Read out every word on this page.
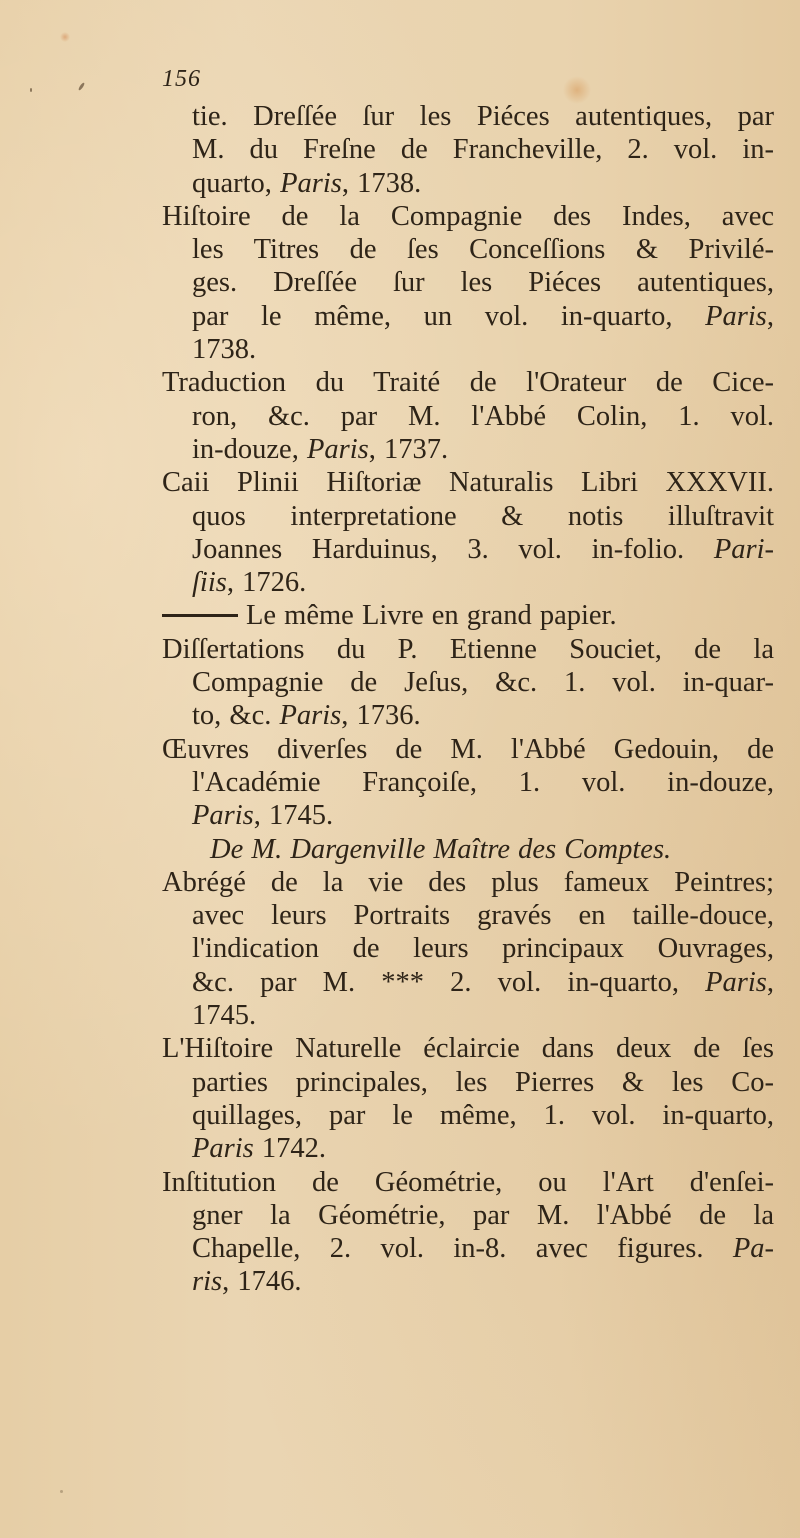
156
tie. Dreſſée ſur les Piéces autentiques, par
M. du Freſne de Francheville, 2. vol. in-
quarto, Paris, 1738.
Hiſtoire de la Compagnie des Indes, avec
les Titres de ſes Conceſſions & Privilé-
ges. Dreſſée ſur les Piéces autentiques,
par le même, un vol. in-quarto, Paris,
1738.
Traduction du Traité de l'Orateur de Cice-
ron, &c. par M. l'Abbé Colin, 1. vol.
in-douze, Paris, 1737.
Caii Plinii Hiſtoriæ Naturalis Libri XXXVII.
quos interpretatione & notis illuſtravit
Joannes Harduinus, 3. vol. in-folio. Pari-
ſiis, 1726.
Le même Livre en grand papier.
Diſſertations du P. Etienne Souciet, de la
Compagnie de Jeſus, &c. 1. vol. in-quar-
to, &c. Paris, 1736.
Œuvres diverſes de M. l'Abbé Gedouin, de
l'Académie Françoiſe, 1. vol. in-douze,
Paris, 1745.
De M. Dargenville Maître des Comptes.
Abrégé de la vie des plus fameux Peintres;
avec leurs Portraits gravés en taille-douce,
l'indication de leurs principaux Ouvrages,
&c. par M. *** 2. vol. in-quarto, Paris,
1745.
L'Hiſtoire Naturelle éclaircie dans deux de ſes
parties principales, les Pierres & les Co-
quillages, par le même, 1. vol. in-quarto,
Paris 1742.
Inſtitution de Géométrie, ou l'Art d'enſei-
gner la Géométrie, par M. l'Abbé de la
Chapelle, 2. vol. in-8. avec figures. Pa-
ris, 1746.
